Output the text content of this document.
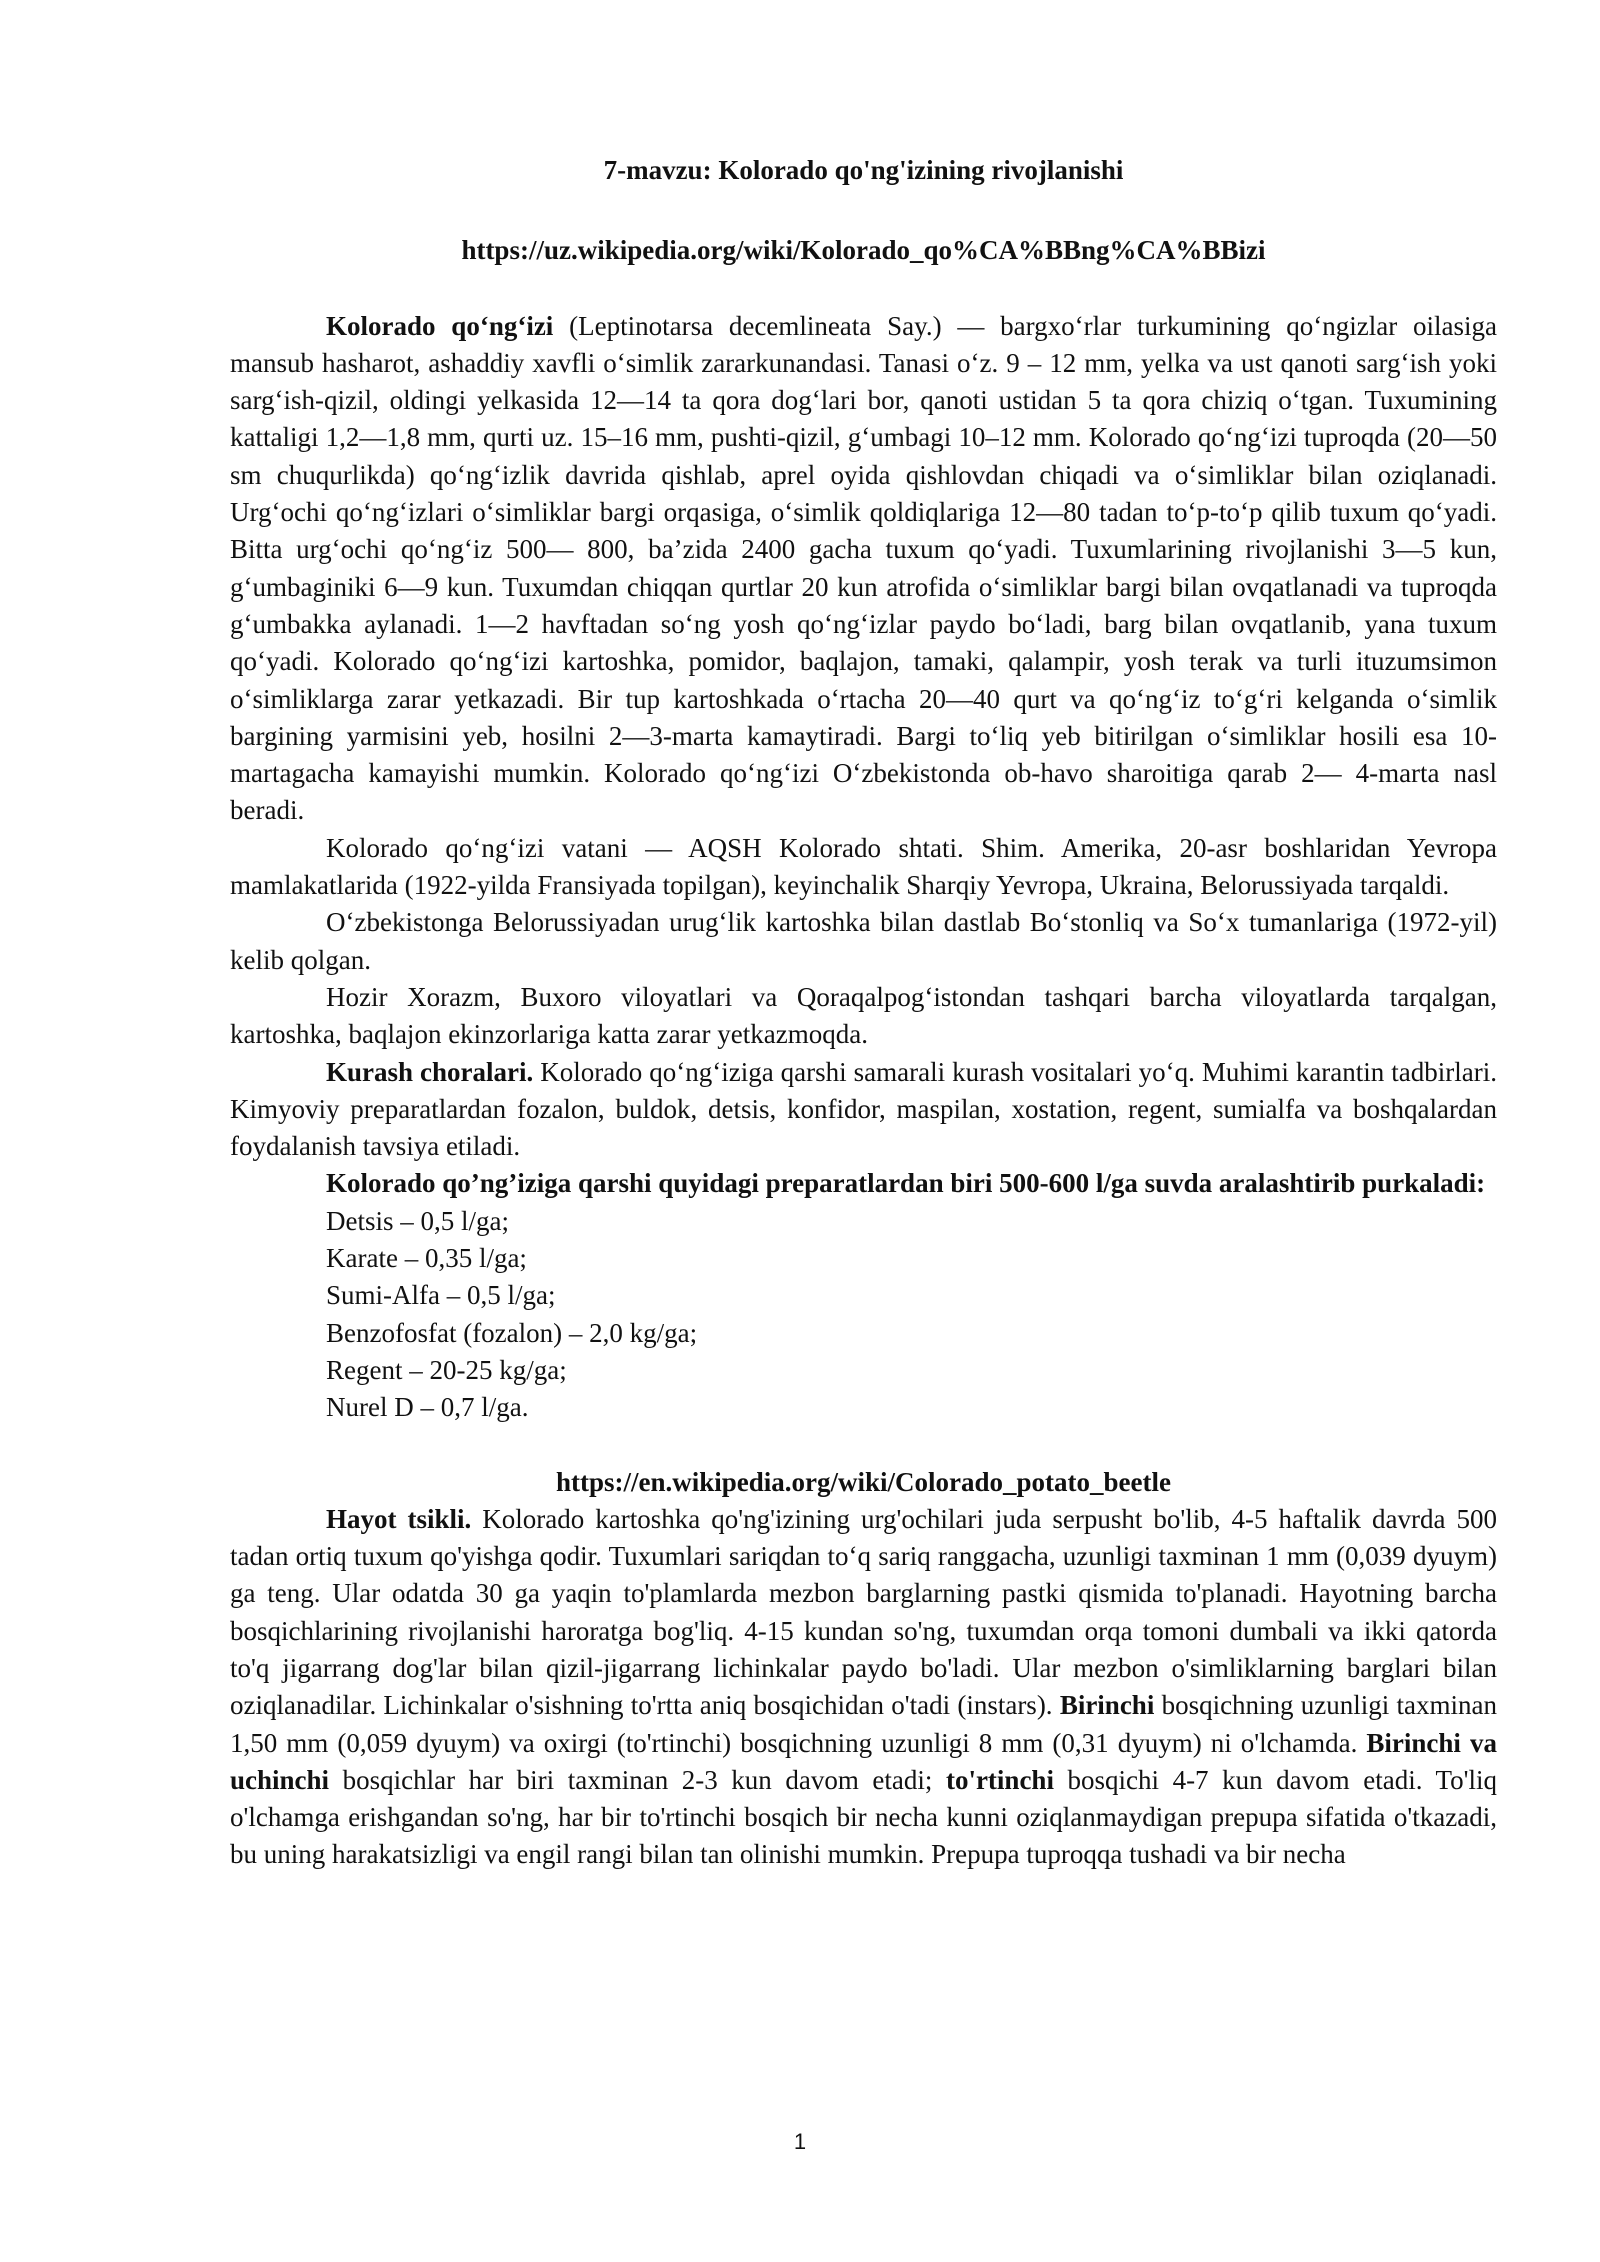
7-mavzu: Kolorado qo'ng'izining rivojlanishi
https://uz.wikipedia.org/wiki/Kolorado_qo%CA%BBng%CA%BBizi

Kolorado qo‘ng‘izi (Leptinotarsa decemlineata Say.) — bargxo‘rlar turkumining qo‘ngizlar oilasiga mansub hasharot, ashaddiy xavfli o‘simlik zararkunandasi. Tanasi o‘z. 9 – 12 mm, yelka va ust qanoti sarg‘ish yoki sarg‘ish-qizil, oldingi yelkasida 12—14 ta qora dog‘lari bor, qanoti ustidan 5 ta qora chiziq o‘tgan. Tuxumining kattaligi 1,2—1,8 mm, qurti uz. 15–16 mm, pushti-qizil, g‘umbagi 10–12 mm. Kolorado qo‘ng‘izi tuproqda (20—50 sm chuqurlikda) qo‘ng‘izlik davrida qishlab, aprel oyida qishlovdan chiqadi va o‘simliklar bilan oziqlanadi. Urg‘ochi qo‘ng‘izlari o‘simliklar bargi orqasiga, o‘simlik qoldiqlariga 12—80 tadan to‘p-to‘p qilib tuxum qo‘yadi. Bitta urg‘ochi qo‘ng‘iz 500— 800, ba’zida 2400 gacha tuxum qo‘yadi. Tuxumlarining rivojlanishi 3—5 kun, g‘umbaginiki 6—9 kun. Tuxumdan chiqqan qurtlar 20 kun atrofida o‘simliklar bargi bilan ovqatlanadi va tuproqda g‘umbakka aylanadi. 1—2 havftadan so‘ng yosh qo‘ng‘izlar paydo bo‘ladi, barg bilan ovqatlanib, yana tuxum qo‘yadi. Kolorado qo‘ng‘izi kartoshka, pomidor, baqlajon, tamaki, qalampir, yosh terak va turli ituzumsimon o‘simliklarga zarar yetkazadi. Bir tup kartoshkada o‘rtacha 20—40 qurt va qo‘ng‘iz to‘g‘ri kelganda o‘simlik bargining yarmisini yeb, hosilni 2—3-marta kamaytiradi. Bargi to‘liq yeb bitirilgan o‘simliklar hosili esa 10-martagacha kamayishi mumkin. Kolorado qo‘ng‘izi O‘zbekistonda ob-havo sharoitiga qarab 2— 4-marta nasl beradi.

Kolorado qo‘ng‘izi vatani — AQSH Kolorado shtati. Shim. Amerika, 20-asr boshlaridan Yevropa mamlakatlarida (1922-yilda Fransiyada topilgan), keyinchalik Sharqiy Yevropa, Ukraina, Belorussiyada tarqaldi.

O‘zbekistonga Belorussiyadan urug‘lik kartoshka bilan dastlab Bo‘stonliq va So‘x tumanlariga (1972-yil) kelib qolgan.

Hozir Xorazm, Buxoro viloyatlari va Qoraqalpog‘istondan tashqari barcha viloyatlarda tarqalgan, kartoshka, baqlajon ekinzorlariga katta zarar yetkazmoqda.

Kurash choralari. Kolorado qo‘ng‘iziga qarshi samarali kurash vositalari yo‘q. Muhimi karantin tadbirlari. Kimyoviy preparatlardan fozalon, buldok, detsis, konfidor, maspilan, xostation, regent, sumialfa va boshqalardan foydalanish tavsiya etiladi.

Kolorado qo’ng’iziga qarshi quyidagi preparatlardan biri 500-600 l/ga suvda aralashtirib purkaladi:

Detsis – 0,5 l/ga;
Karate – 0,35 l/ga;
Sumi-Alfa – 0,5 l/ga;
Benzofosfat (fozalon) – 2,0 kg/ga;
Regent – 20-25 kg/ga;
Nurel D – 0,7 l/ga.
https://en.wikipedia.org/wiki/Colorado_potato_beetle

Hayot tsikli. Kolorado kartoshka qo'ng'izining urg'ochilari juda serpusht bo'lib, 4-5 haftalik davrda 500 tadan ortiq tuxum qo'yishga qodir. Tuxumlari sariqdan to‘q sariq ranggacha, uzunligi taxminan 1 mm (0,039 dyuym) ga teng. Ular odatda 30 ga yaqin to'plamlarda mezbon barglarning pastki qismida to'planadi. Hayotning barcha bosqichlarining rivojlanishi haroratga bog'liq. 4-15 kundan so'ng, tuxumdan orqa tomoni dumbali va ikki qatorda to'q jigarrang dog'lar bilan qizil-jigarrang lichinkalar paydo bo'ladi. Ular mezbon o'simliklarning barglari bilan oziqlanadilar. Lichinkalar o'sishning to'rtta aniq bosqichidan o'tadi (instars). Birinchi bosqichning uzunligi taxminan 1,50 mm (0,059 dyuym) va oxirgi (to'rtinchi) bosqichning uzunligi 8 mm (0,31 dyuym) ni o'lchamda. Birinchi va uchinchi bosqichlar har biri taxminan 2-3 kun davom etadi; to'rtinchi bosqichi 4-7 kun davom etadi. To'liq o'lchamga erishgandan so'ng, har bir to'rtinchi bosqich bir necha kunni oziqlanmaydigan prepupa sifatida o'tkazadi, bu uning harakatsizligi va engil rangi bilan tan olinishi mumkin. Prepupa tuproqqa tushadi va bir necha

1
